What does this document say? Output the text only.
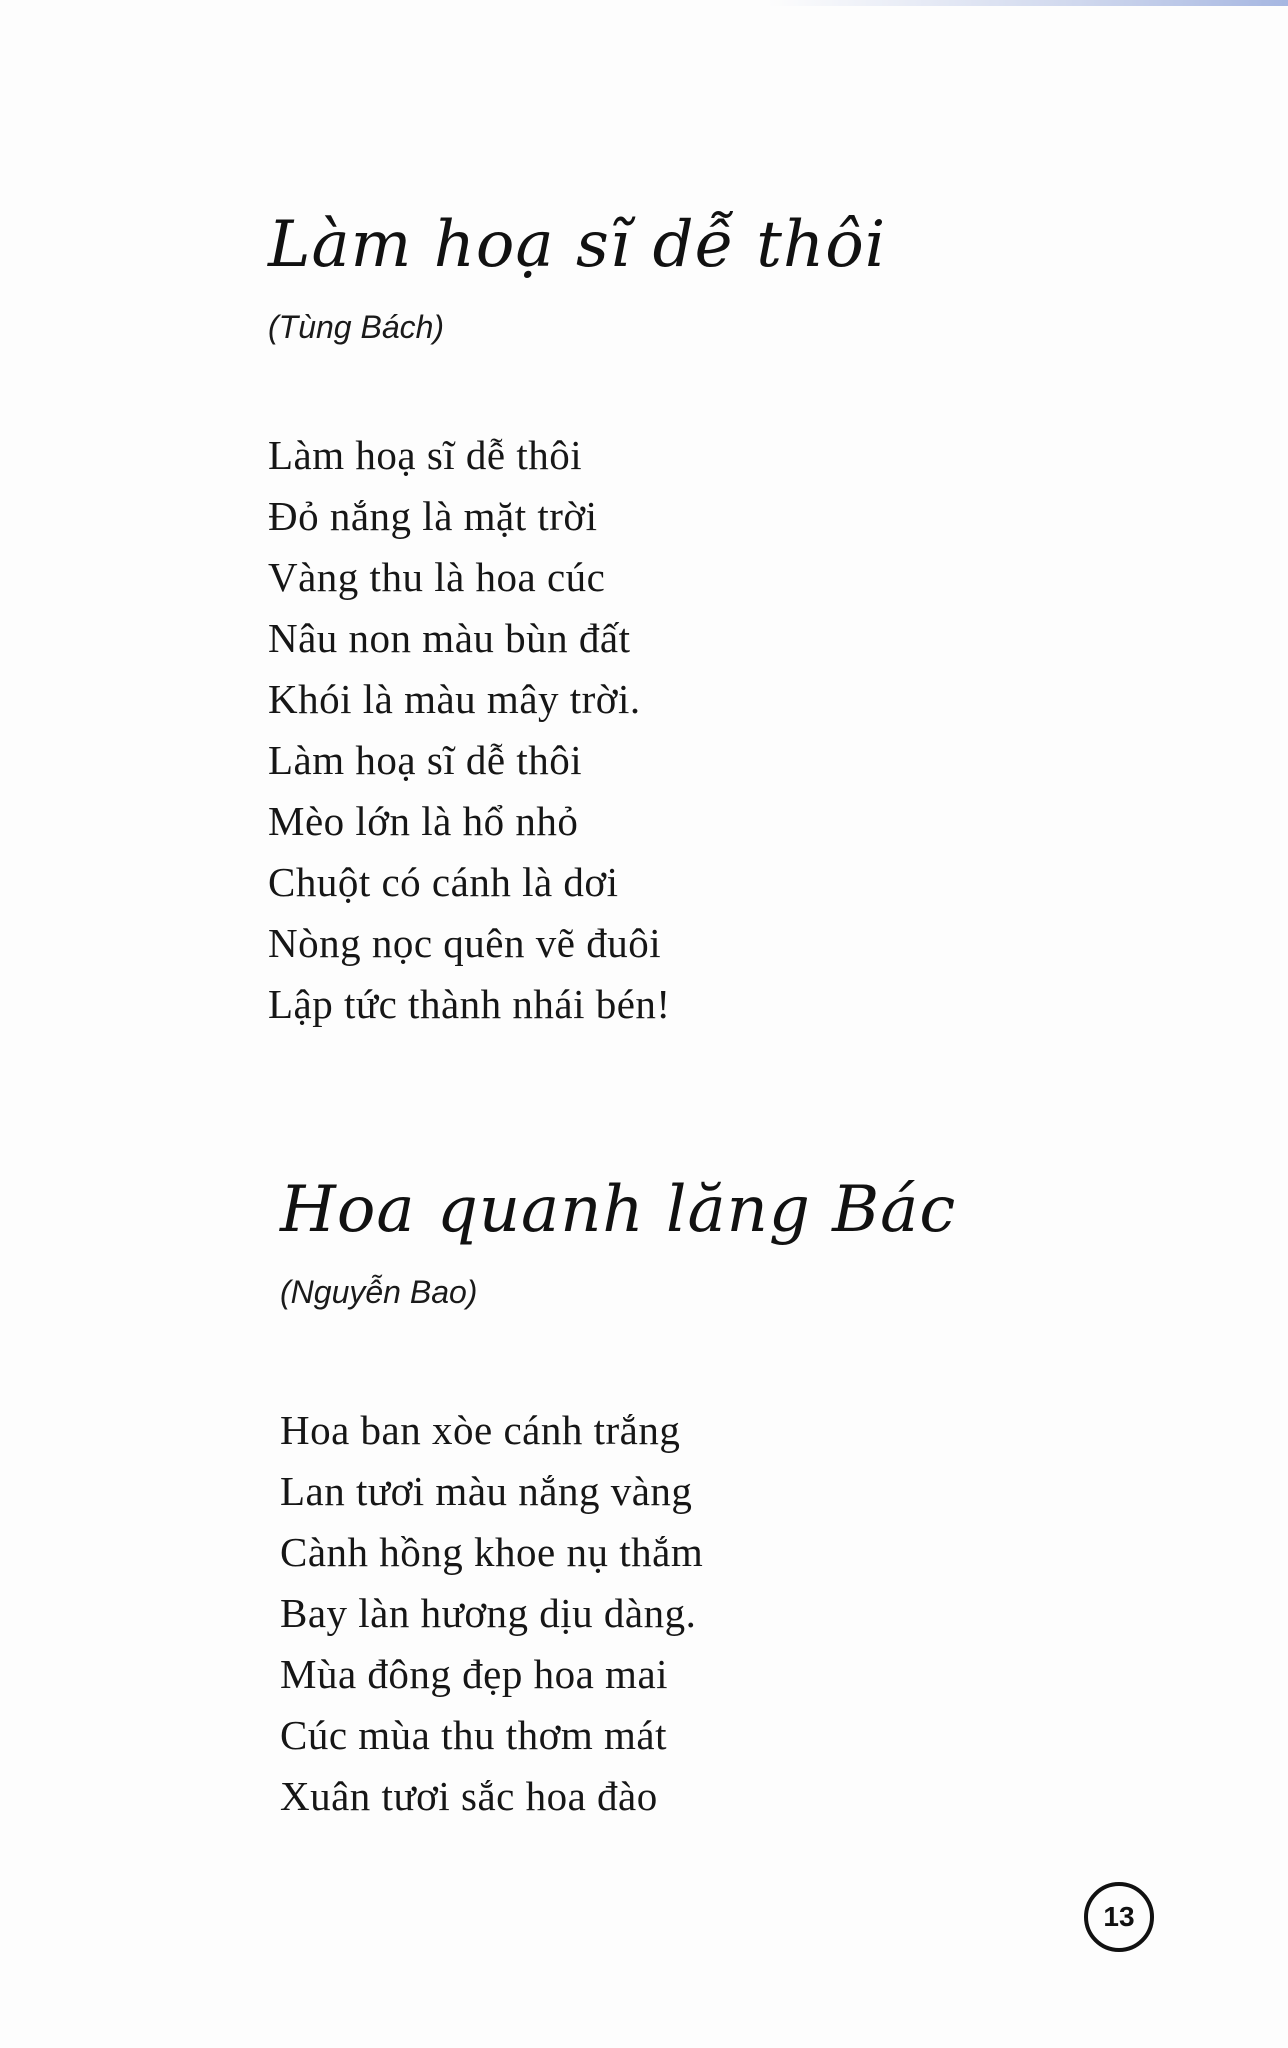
Làm hoạ sĩ dễ thôi

(Tùng Bách)

Làm hoạ sĩ dễ thôi
Đỏ nắng là mặt trời
Vàng thu là hoa cúc
Nâu non màu bùn đất
Khói là màu mây trời.
Làm hoạ sĩ dễ thôi
Mèo lớn là hổ nhỏ
Chuột có cánh là dơi
Nòng nọc quên vẽ đuôi
Lập tức thành nhái bén!
Hoa quanh lăng Bác

(Nguyễn Bao)

Hoa ban xòe cánh trắng
Lan tươi màu nắng vàng
Cành hồng khoe nụ thắm
Bay làn hương dịu dàng.
Mùa đông đẹp hoa mai
Cúc mùa thu thơm mát
Xuân tươi sắc hoa đào
13
